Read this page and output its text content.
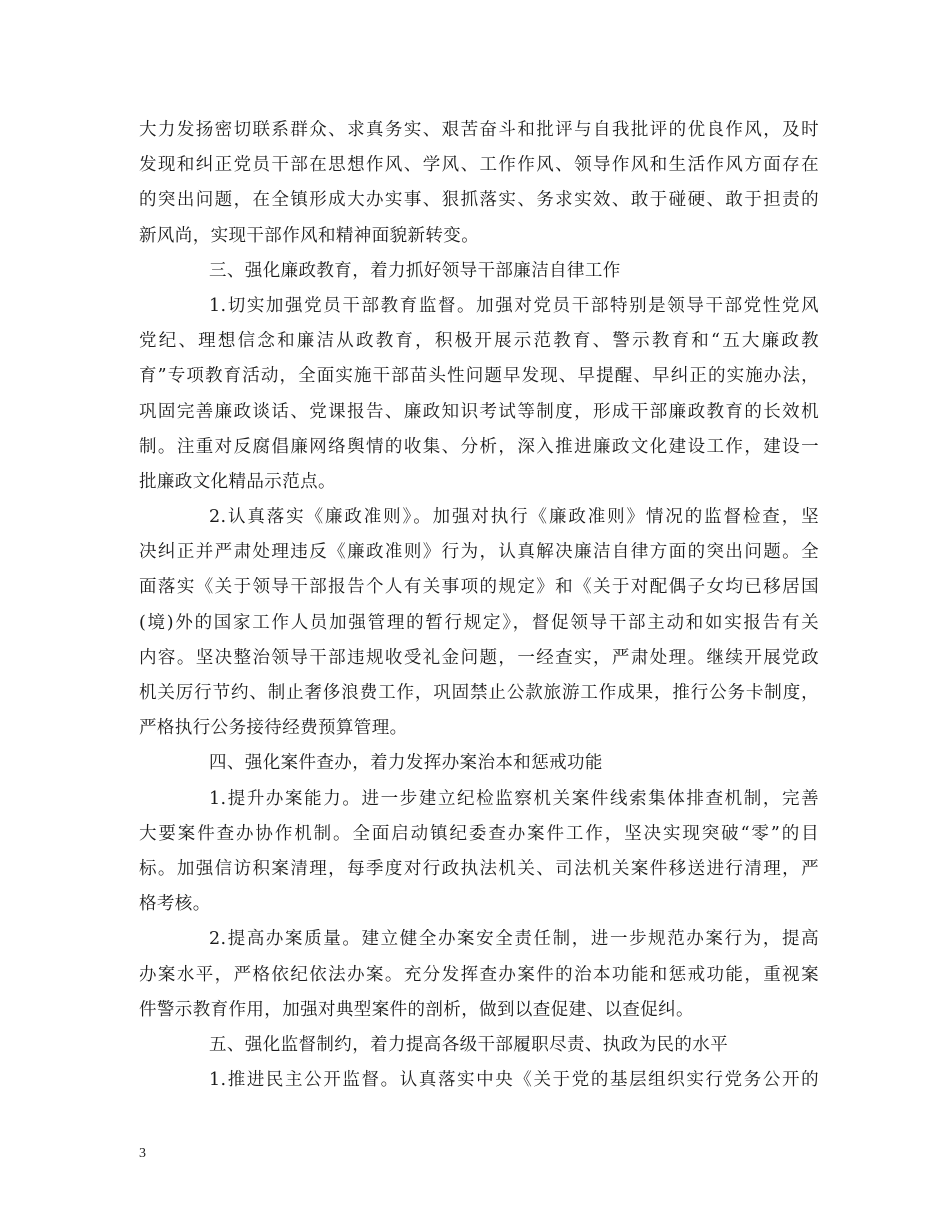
大力发扬密切联系群众、求真务实、艰苦奋斗和批评与自我批评的优良作风，及时
发现和纠正党员干部在思想作风、学风、工作作风、领导作风和生活作风方面存在
的突出问题，在全镇形成大办实事、狠抓落实、务求实效、敢于碰硬、敢于担责的
新风尚，实现干部作风和精神面貌新转变。
三、强化廉政教育，着力抓好领导干部廉洁自律工作
1.切实加强党员干部教育监督。加强对党员干部特别是领导干部党性党风
党纪、理想信念和廉洁从政教育，积极开展示范教育、警示教育和“五大廉政教
育”专项教育活动，全面实施干部苗头性问题早发现、早提醒、早纠正的实施办法，
巩固完善廉政谈话、党课报告、廉政知识考试等制度，形成干部廉政教育的长效机
制。注重对反腐倡廉网络舆情的收集、分析，深入推进廉政文化建设工作，建设一
批廉政文化精品示范点。
2.认真落实《廉政准则》。加强对执行《廉政准则》情况的监督检查，坚
决纠正并严肃处理违反《廉政准则》行为，认真解决廉洁自律方面的突出问题。全
面落实《关于领导干部报告个人有关事项的规定》和《关于对配偶子女均已移居国
(境)外的国家工作人员加强管理的暂行规定》，督促领导干部主动和如实报告有关
内容。坚决整治领导干部违规收受礼金问题，一经查实，严肃处理。继续开展党政
机关厉行节约、制止奢侈浪费工作，巩固禁止公款旅游工作成果，推行公务卡制度，
严格执行公务接待经费预算管理。
四、强化案件查办，着力发挥办案治本和惩戒功能
1.提升办案能力。进一步建立纪检监察机关案件线索集体排查机制，完善
大要案件查办协作机制。全面启动镇纪委查办案件工作，坚决实现突破“零”的目
标。加强信访积案清理，每季度对行政执法机关、司法机关案件移送进行清理，严
格考核。
2.提高办案质量。建立健全办案安全责任制，进一步规范办案行为，提高
办案水平，严格依纪依法办案。充分发挥查办案件的治本功能和惩戒功能，重视案
件警示教育作用，加强对典型案件的剖析，做到以查促建、以查促纠。
五、强化监督制约，着力提高各级干部履职尽责、执政为民的水平
1.推进民主公开监督。认真落实中央《关于党的基层组织实行党务公开的
3
